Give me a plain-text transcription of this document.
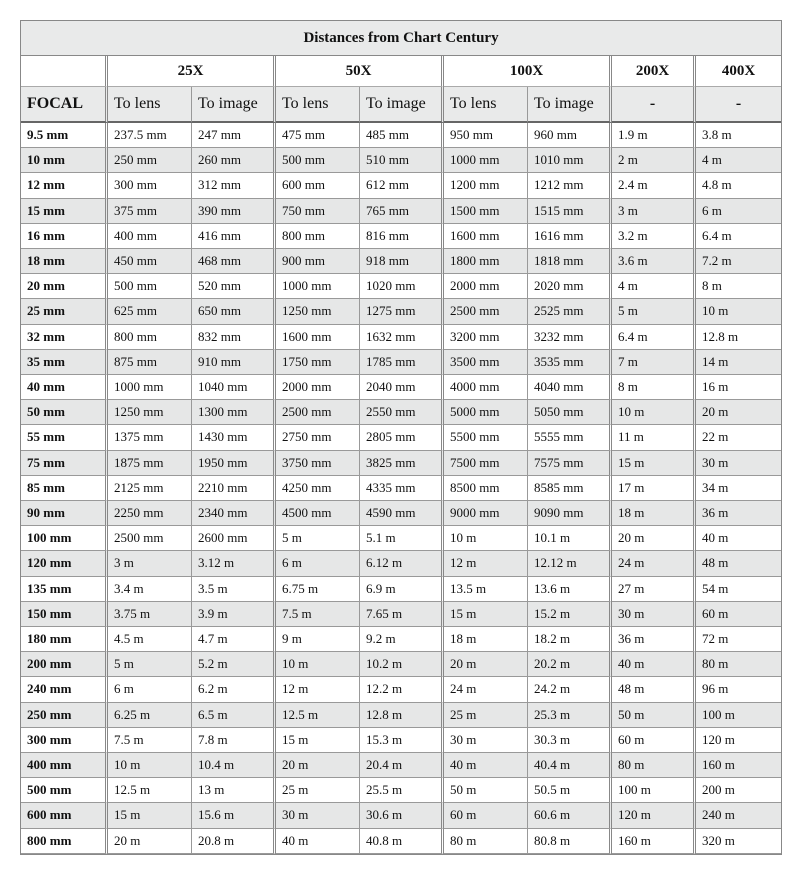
Distances from Chart Century								
	25X		50X		100X		200X	400X
FOCAL	To lens	To image	To lens	To image	To lens	To image	-	-
9.5 mm	237.5 mm	247 mm	475 mm	485 mm	950 mm	960 mm	1.9 m	3.8 m
10 mm	250 mm	260 mm	500 mm	510 mm	1000 mm	1010 mm	2 m	4 m
12 mm	300 mm	312 mm	600 mm	612 mm	1200 mm	1212 mm	2.4 m	4.8 m
15 mm	375 mm	390 mm	750 mm	765 mm	1500 mm	1515 mm	3 m	6 m
16 mm	400 mm	416 mm	800 mm	816 mm	1600 mm	1616 mm	3.2 m	6.4 m
18 mm	450 mm	468 mm	900 mm	918 mm	1800 mm	1818 mm	3.6 m	7.2 m
20 mm	500 mm	520 mm	1000 mm	1020 mm	2000 mm	2020 mm	4 m	8 m
25 mm	625 mm	650 mm	1250 mm	1275 mm	2500 mm	2525 mm	5 m	10 m
32 mm	800 mm	832 mm	1600 mm	1632 mm	3200 mm	3232 mm	6.4 m	12.8 m
35 mm	875 mm	910 mm	1750 mm	1785 mm	3500 mm	3535 mm	7 m	14 m
40 mm	1000 mm	1040 mm	2000 mm	2040 mm	4000 mm	4040 mm	8 m	16 m
50 mm	1250 mm	1300 mm	2500 mm	2550 mm	5000 mm	5050 mm	10 m	20 m
55 mm	1375 mm	1430 mm	2750 mm	2805 mm	5500 mm	5555 mm	11 m	22 m
75 mm	1875 mm	1950 mm	3750 mm	3825 mm	7500 mm	7575 mm	15 m	30 m
85 mm	2125 mm	2210 mm	4250 mm	4335 mm	8500 mm	8585 mm	17 m	34 m
90 mm	2250 mm	2340 mm	4500 mm	4590 mm	9000 mm	9090 mm	18 m	36 m
100 mm	2500 mm	2600 mm	5 m	5.1 m	10 m	10.1 m	20 m	40 m
120 mm	3 m	3.12 m	6 m	6.12 m	12 m	12.12 m	24 m	48 m
135 mm	3.4 m	3.5 m	6.75 m	6.9 m	13.5 m	13.6 m	27 m	54 m
150 mm	3.75 m	3.9 m	7.5 m	7.65 m	15 m	15.2 m	30 m	60 m
180 mm	4.5 m	4.7 m	9 m	9.2 m	18 m	18.2 m	36 m	72 m
200 mm	5 m	5.2 m	10 m	10.2 m	20 m	20.2 m	40 m	80 m
240 mm	6 m	6.2 m	12 m	12.2 m	24 m	24.2 m	48 m	96 m
250 mm	6.25 m	6.5 m	12.5 m	12.8 m	25 m	25.3 m	50 m	100 m
300 mm	7.5 m	7.8 m	15 m	15.3 m	30 m	30.3 m	60 m	120 m
400 mm	10 m	10.4 m	20 m	20.4 m	40 m	40.4 m	80 m	160 m
500 mm	12.5 m	13 m	25 m	25.5 m	50 m	50.5 m	100 m	200 m
600 mm	15 m	15.6 m	30 m	30.6 m	60 m	60.6 m	120 m	240 m
800 mm	20 m	20.8 m	40 m	40.8 m	80 m	80.8 m	160 m	320 m
